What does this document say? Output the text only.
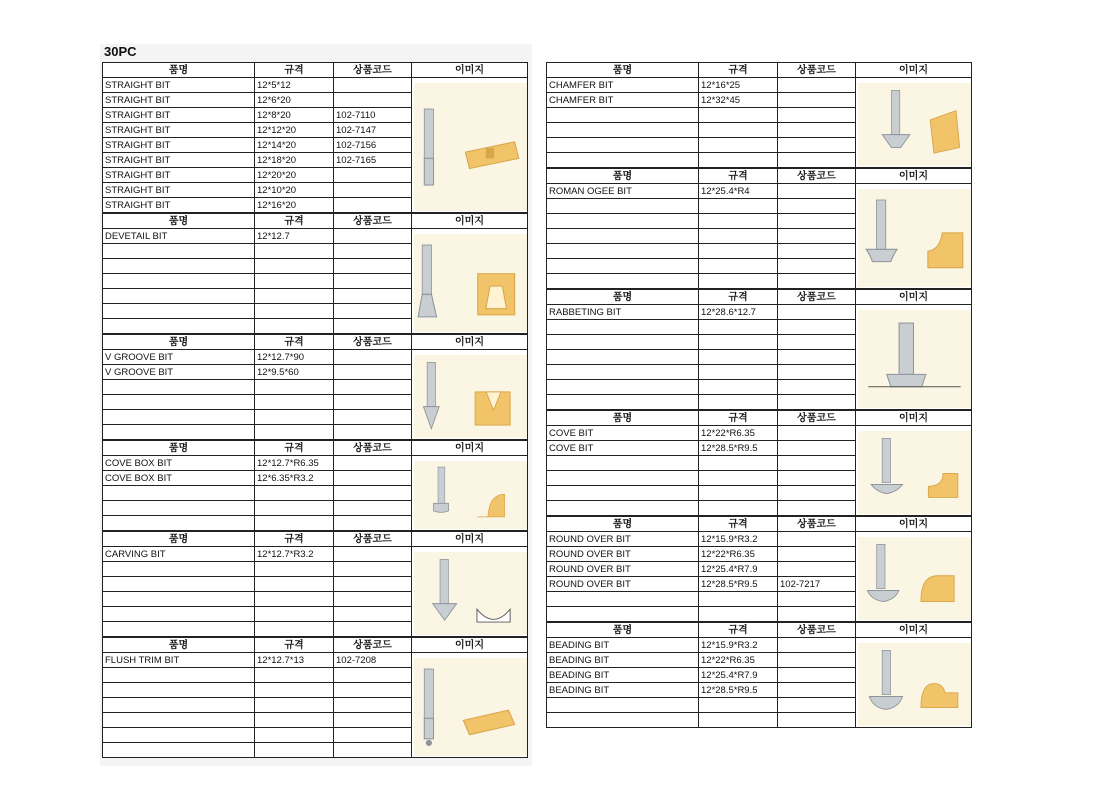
30PC
품명	규격	상품코드	이미지
STRAIGHT BIT	12*5*12		

STRAIGHT BIT	12*6*20		
STRAIGHT BIT	12*8*20	102-7110	
STRAIGHT BIT	12*12*20	102-7147	
STRAIGHT BIT	12*14*20	102-7156	
STRAIGHT BIT	12*18*20	102-7165	
STRAIGHT BIT	12*20*20		
STRAIGHT BIT	12*10*20		
STRAIGHT BIT	12*16*20		
품명	규격	상품코드	이미지
DEVETAIL BIT	12*12.7		

품명	규격	상품코드	이미지
V GROOVE BIT	12*12.7*90		

V GROOVE BIT	12*9.5*60		

품명	규격	상품코드	이미지
COVE BOX BIT	12*12.7*R6.35		

COVE BOX BIT	12*6.35*R3.2		

품명	규격	상품코드	이미지
CARVING BIT	12*12.7*R3.2		

품명	규격	상품코드	이미지
FLUSH TRIM BIT	12*12.7*13	102-7208	

품명	규격	상품코드	이미지
CHAMFER BIT	12*16*25		

CHAMFER BIT	12*32*45		

품명	규격	상품코드	이미지
ROMAN OGEE BIT	12*25.4*R4		

품명	규격	상품코드	이미지
RABBETING BIT	12*28.6*12.7		

품명	규격	상품코드	이미지
COVE BIT	12*22*R6.35		

COVE BIT	12*28.5*R9.5		

품명	규격	상품코드	이미지
ROUND OVER BIT	12*15.9*R3.2		

ROUND OVER BIT	12*22*R6.35		
ROUND OVER BIT	12*25.4*R7.9		
ROUND OVER BIT	12*28.5*R9.5	102-7217	

품명	규격	상품코드	이미지
BEADING BIT	12*15.9*R3.2		

BEADING BIT	12*22*R6.35		
BEADING BIT	12*25.4*R7.9		
BEADING BIT	12*28.5*R9.5		
